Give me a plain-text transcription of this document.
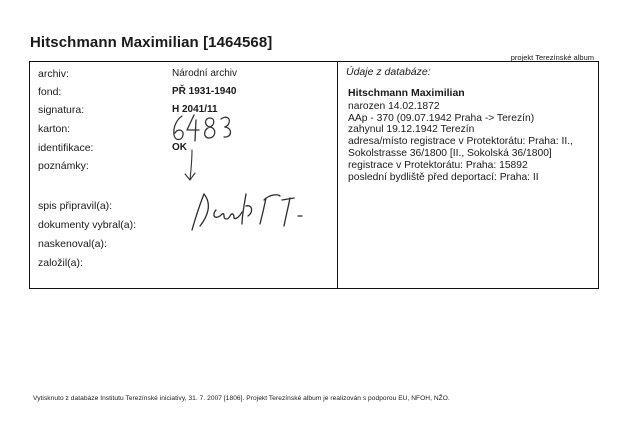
Hitschmann Maximilian [1464568]
projekt Terezínské album
archiv:	Národní archiv
fond:	PŘ 1931-1940
signatura:	H 2041/11
karton:
identifikace:	OK
poznámky:
spis připravil(a):
dokumenty vybral(a):
naskenoval(a):
založil(a):
Údaje z databáze:
Hitschmann Maximilian
narozen 14.02.1872
AAp - 370 (09.07.1942 Praha -> Terezín)
zahynul 19.12.1942 Terezín
adresa/místo registrace v Protektorátu: Praha: II.,
Sokolstrasse 36/1800 [II., Sokolská 36/1800]
registrace v Protektorátu: Praha: 15892
poslední bydliště před deportací: Praha: II
Vytisknuto z databáze Institutu Terezínské iniciativy, 31. 7. 2007 [1806]. Projekt Terezínské album je realizován s podporou EU, NFOH, NŽO.
